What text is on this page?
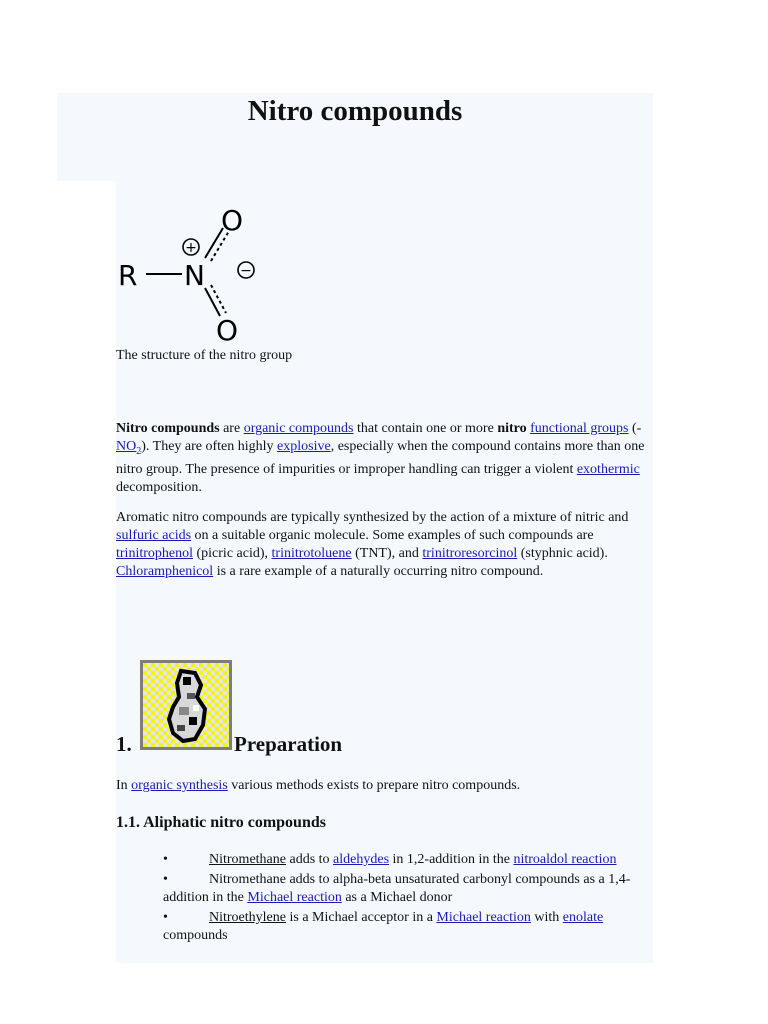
Nitro compounds
R N
+
O
−
O
The structure of the nitro group
Nitro compounds are organic compounds that contain one or more nitro functional groups $(-NO_2)$. They are often highly explosive, especially when the compound contains more than one nitro group. The presence of impurities or improper handling can trigger a violent exothermic decomposition.
Aromatic nitro compounds are typically synthesized by the action of a mixture of nitric and sulfuric acids on a suitable organic molecule. Some examples of such compounds are trinitrophenol (picric acid), trinitrotoluene (TNT), and trinitroresorcinol (styphnic acid). Chloramphenicol is a rare example of a naturally occurring nitro compound.
1.	Preparation
In organic synthesis various methods exists to prepare nitro compounds.
1.1. Aliphatic nitro compounds
•	Nitromethane adds to aldehydes in 1,2-addition in the nitroaldol reaction
•	Nitromethane adds to alpha-beta unsaturated carbonyl compounds as a 1,4-addition in the Michael reaction as a Michael donor
•	Nitroethylene is a Michael acceptor in a Michael reaction with enolate compounds
